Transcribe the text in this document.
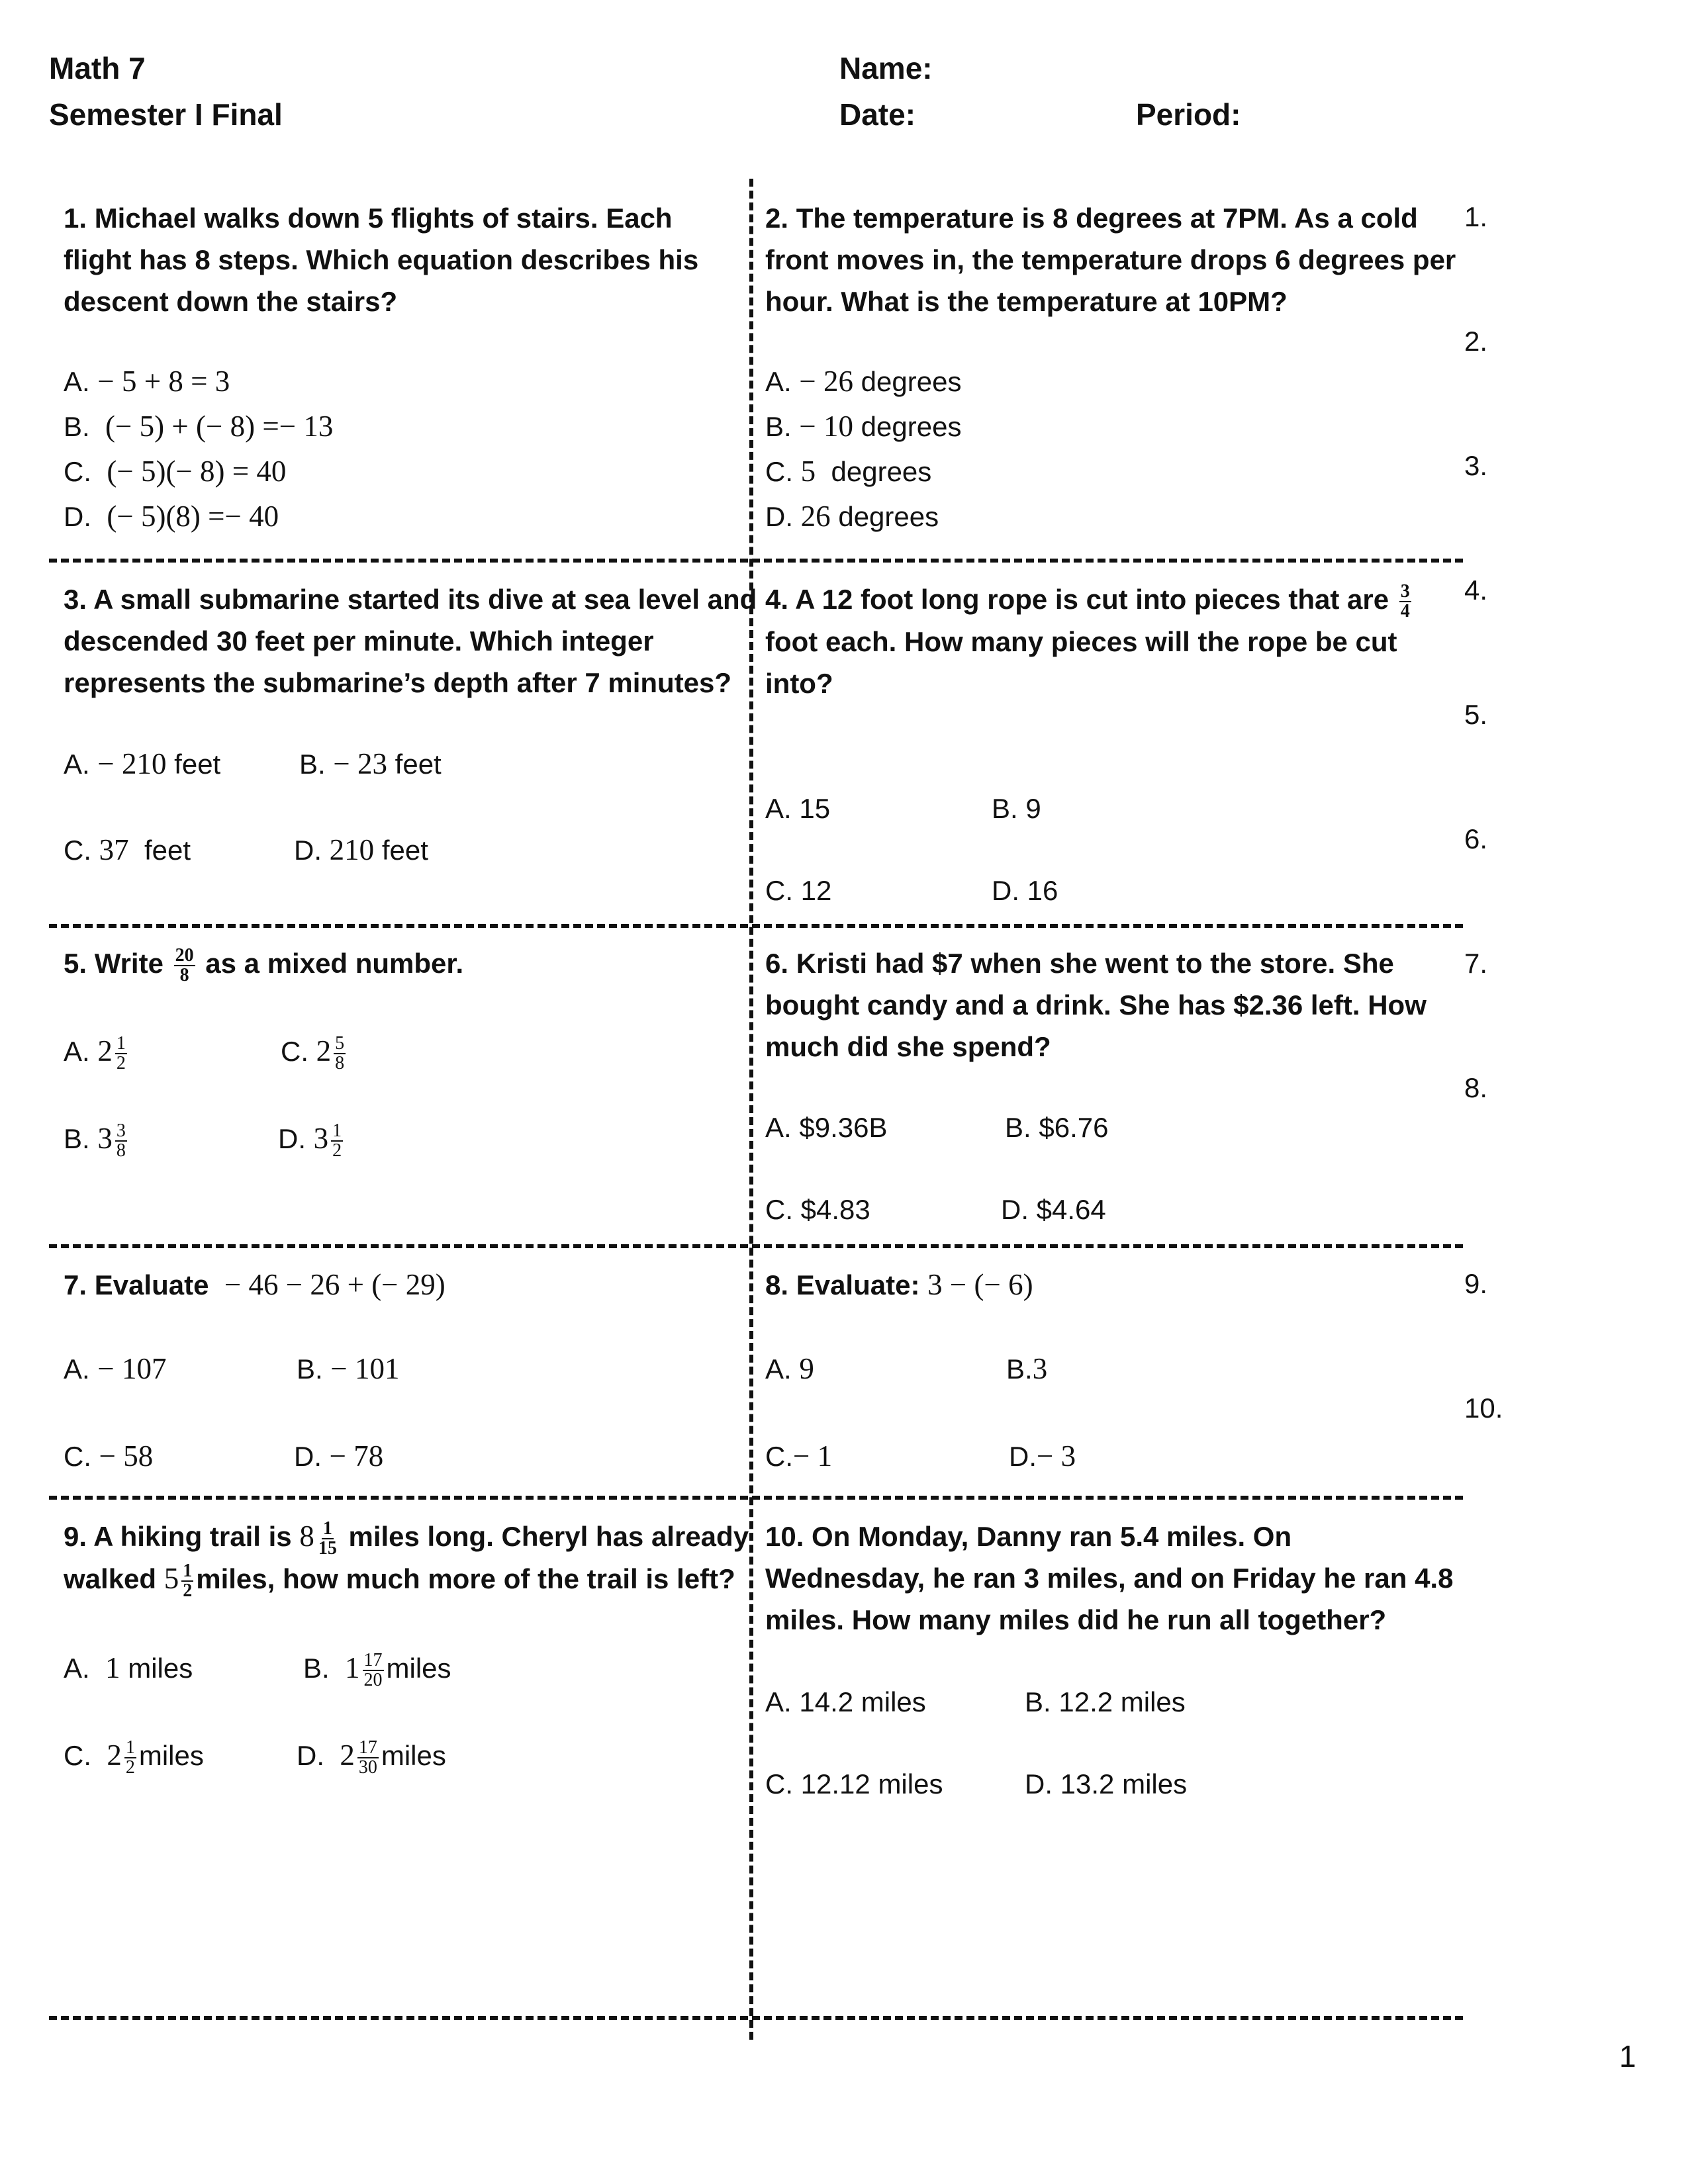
Math 7
Semester I Final
Name:
Date:	Period:
1. Michael walks down 5 flights of stairs. Each flight has 8 steps. Which equation describes his descent down the stairs?
A. − 5 + 8 = 3
B. (− 5) + (− 8) =− 13
C. (− 5)(− 8) = 40
D. (− 5)(8) =− 40
2. The temperature is 8 degrees at 7PM. As a cold front moves in, the temperature drops 6 degrees per hour. What is the temperature at 10PM?
A. − 26 degrees
B. − 10 degrees
C. 5 degrees
D. 26 degrees
3. A small submarine started its dive at sea level and
descended 30 feet per minute. Which integer
represents the submarine’s depth after 7 minutes?
A. − 210 feet	B. − 23 feet
C. 37 feet	D. 210 feet
4. A 12 foot long rope is cut into pieces that are $\frac{3}{4}$
foot each. How many pieces will the rope be cut
into?
A. 15	B. 9
C. 12	D. 16
5. Write $\frac{20}{8}$ as a mixed number.
A. $2 \frac{1}{2}$	C. $2 \frac{5}{8}$
B. $3 \frac{3}{8}$	D. $3 \frac{1}{2}$
6. Kristi had $7 when she went to the store. She
bought candy and a drink. She has $2.36 left. How
much did she spend?
A. $9.36B	B. $6.76
C. $4.83	D. $4.64
7. Evaluate − 46 − 26 + (− 29)
A. − 107	B. − 101
C. − 58	D. − 78
8. Evaluate: 3 − (− 6)
A. 9	B.3
C.− 1	D.− 3
9. A hiking trail is $8 \frac{1}{15}$ miles long. Cheryl has already
walked $5 \frac{1}{2}$ miles, how much more of the trail is left?
A. 1 miles	B. $1 \frac{17}{20}$ miles
C. $2 \frac{1}{2}$ miles	D. $2 \frac{17}{30}$ miles
10. On Monday, Danny ran 5.4 miles. On
Wednesday, he ran 3 miles, and on Friday he ran 4.8
miles. How many miles did he run all together?
A. 14.2 miles	B. 12.2 miles
C. 12.12 miles	D. 13.2 miles
1.
2.
3.
4.
5.
6.
7.
8.
9.
10.
1
